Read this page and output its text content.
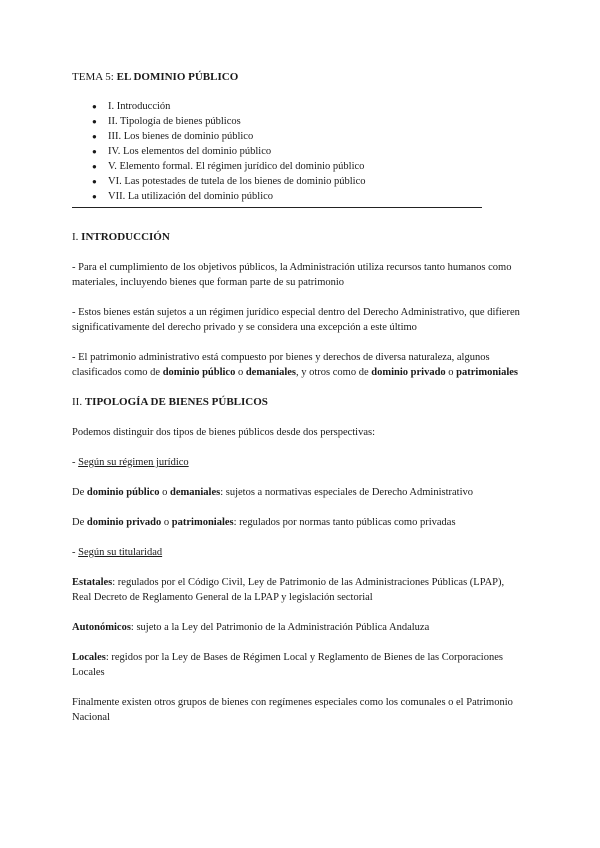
TEMA 5: EL DOMINIO PÚBLICO
● I. Introducción
● II. Tipología de bienes públicos
● III. Los bienes de dominio público
● IV. Los elementos del dominio público
● V. Elemento formal. El régimen jurídico del dominio público
● VI. Las potestades de tutela de los bienes de dominio público
● VII. La utilización del dominio público
I. INTRODUCCIÓN

- Para el cumplimiento de los objetivos públicos, la Administración utiliza recursos tanto humanos como materiales, incluyendo bienes que forman parte de su patrimonio

- Estos bienes están sujetos a un régimen jurídico especial dentro del Derecho Administrativo, que difieren significativamente del derecho privado y se considera una excepción a este último

- El patrimonio administrativo está compuesto por bienes y derechos de diversa naturaleza, algunos clasificados como de dominio público o demaniales, y otros como de dominio privado o patrimoniales

II. TIPOLOGÍA DE BIENES PÚBLICOS

Podemos distinguir dos tipos de bienes públicos desde dos perspectivas:

- Según su régimen jurídico

De dominio público o demaniales: sujetos a normativas especiales de Derecho Administrativo

De dominio privado o patrimoniales: regulados por normas tanto públicas como privadas

- Según su titularidad

Estatales: regulados por el Código Civil, Ley de Patrimonio de las Administraciones Públicas (LPAP), Real Decreto de Reglamento General de la LPAP y legislación sectorial

Autonómicos: sujeto a la Ley del Patrimonio de la Administración Pública Andaluza

Locales: regidos por la Ley de Bases de Régimen Local y Reglamento de Bienes de las Corporaciones Locales

Finalmente existen otros grupos de bienes con regímenes especiales como los comunales o el Patrimonio Nacional
